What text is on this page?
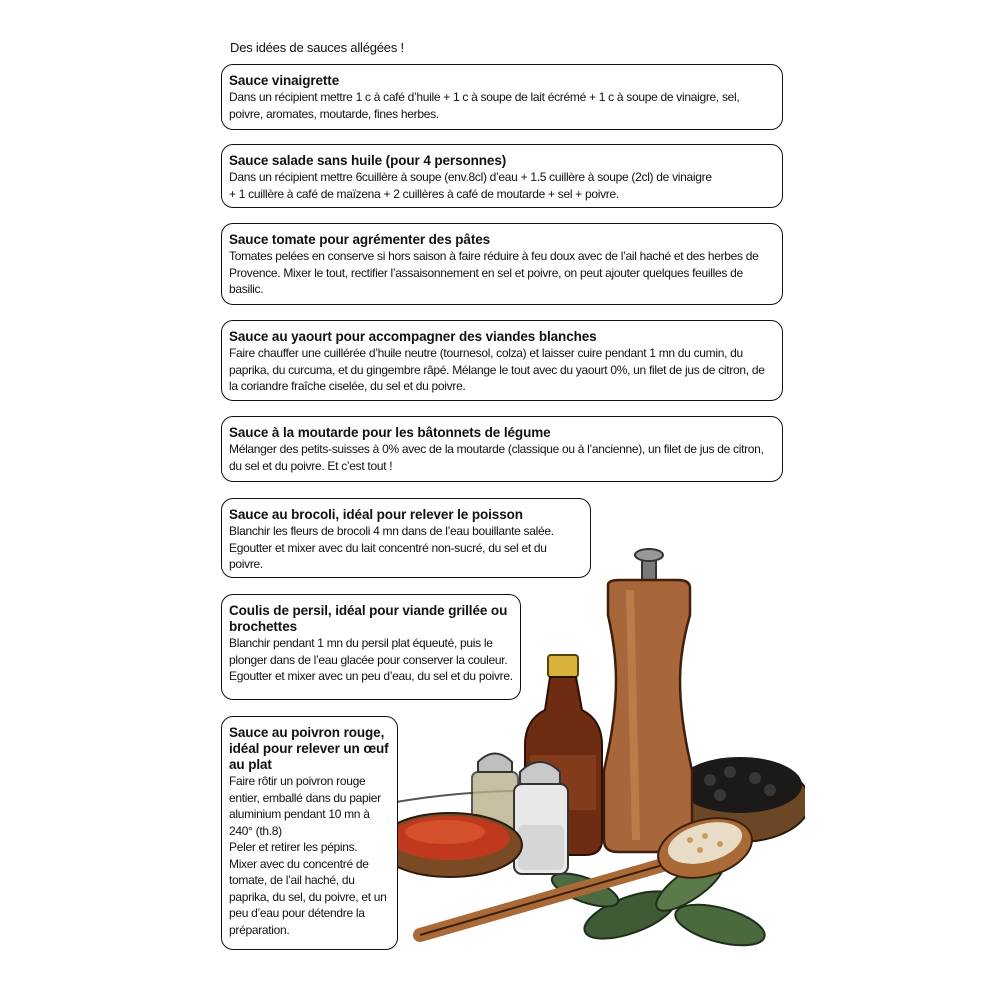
Des idées de sauces allégées !
Sauce vinaigrette

Dans un récipient mettre 1 c à café d’huile + 1 c à soupe de lait écrémé + 1 c à soupe de vinaigre, sel, poivre, aromates, moutarde, fines herbes.

Sauce salade sans huile (pour 4 personnes)

Dans un récipient mettre 6cuillère à soupe (env.8cl) d’eau + 1.5 cuillère à soupe (2cl) de vinaigre
+ 1 cuillère à café de maïzena + 2 cuillères à café de moutarde + sel + poivre.

Sauce tomate pour agrémenter des pâtes

Tomates pelées en conserve si hors saison à faire réduire à feu doux avec de l’ail haché et des herbes de Provence. Mixer le tout, rectifier l’assaisonnement en sel et poivre, on peut ajouter quelques feuilles de basilic.

Sauce au yaourt pour accompagner des viandes blanches

Faire chauffer une cuillérée d’huile neutre (tournesol, colza) et laisser cuire pendant 1 mn du cumin, du paprika, du curcuma, et du gingembre râpé. Mélange le tout avec du yaourt 0%, un filet de jus de citron, de la coriandre fraîche ciselée, du sel et du poivre.

Sauce à la moutarde pour les bâtonnets de légume

Mélanger des petits-suisses à 0% avec de la moutarde (classique ou à l’ancienne), un filet de jus de citron, du sel et du poivre. Et c’est tout !

Sauce au brocoli, idéal pour relever le poisson

Blanchir les fleurs de brocoli 4 mn dans de l’eau bouillante salée.
Egoutter et mixer avec du lait concentré non-sucré, du sel et du poivre.

Coulis de persil, idéal pour viande grillée ou brochettes

Blanchir pendant 1 mn du persil plat équeuté, puis le plonger dans de l’eau glacée pour conserver la couleur.
Egoutter et mixer avec un peu d’eau, du sel et du poivre.

Sauce au poivron rouge, idéal pour relever un œuf au plat

Faire rôtir un poivron rouge entier, emballé dans du papier aluminium pendant 10 mn à 240° (th.8)
Peler et retirer les pépins.
Mixer avec du concentré de tomate, de l’ail haché, du paprika, du sel, du poivre, et un peu d’eau pour détendre la préparation.
